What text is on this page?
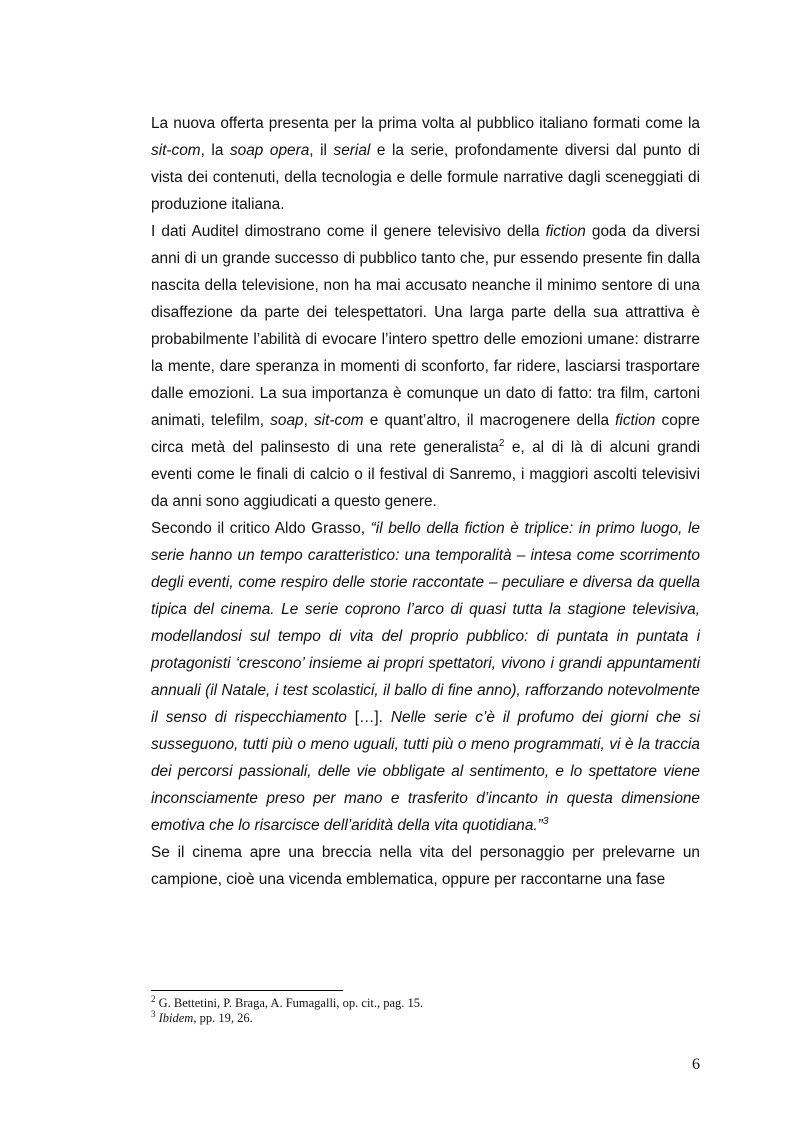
La nuova offerta presenta per la prima volta al pubblico italiano formati come la sit-com, la soap opera, il serial e la serie, profondamente diversi dal punto di vista dei contenuti, della tecnologia e delle formule narrative dagli sceneggiati di produzione italiana.

I dati Auditel dimostrano come il genere televisivo della fiction goda da diversi anni di un grande successo di pubblico tanto che, pur essendo presente fin dalla nascita della televisione, non ha mai accusato neanche il minimo sentore di una disaffezione da parte dei telespettatori. Una larga parte della sua attrattiva è probabilmente l’abilità di evocare l’intero spettro delle emozioni umane: distrarre la mente, dare speranza in momenti di sconforto, far ridere, lasciarsi trasportare dalle emozioni. La sua importanza è comunque un dato di fatto: tra film, cartoni animati, telefilm, soap, sit-com e quant’altro, il macrogenere della fiction copre circa metà del palinsesto di una rete generalista$^2$ e, al di là di alcuni grandi eventi come le finali di calcio o il festival di Sanremo, i maggiori ascolti televisivi da anni sono aggiudicati a questo genere.

Secondo il critico Aldo Grasso, “il bello della fiction è triplice: in primo luogo, le serie hanno un tempo caratteristico: una temporalità – intesa come scorrimento degli eventi, come respiro delle storie raccontate – peculiare e diversa da quella tipica del cinema. Le serie coprono l’arco di quasi tutta la stagione televisiva, modellandosi sul tempo di vita del proprio pubblico: di puntata in puntata i protagonisti ‘crescono’ insieme ai propri spettatori, vivono i grandi appuntamenti annuali (il Natale, i test scolastici, il ballo di fine anno), rafforzando notevolmente il senso di rispecchiamento […]. Nelle serie c’è il profumo dei giorni che si susseguono, tutti più o meno uguali, tutti più o meno programmati, vi è la traccia dei percorsi passionali, delle vie obbligate al sentimento, e lo spettatore viene inconsciamente preso per mano e trasferito d’incanto in questa dimensione emotiva che lo risarcisce dell’aridità della vita quotidiana.”$^3$

Se il cinema apre una breccia nella vita del personaggio per prelevarne un campione, cioè una vicenda emblematica, oppure per raccontarne una fase

$^2$ G. Bettetini, P. Braga, A. Fumagalli, op. cit., pag. 15.

$^3$ Ibidem, pp. 19, 26.

6
